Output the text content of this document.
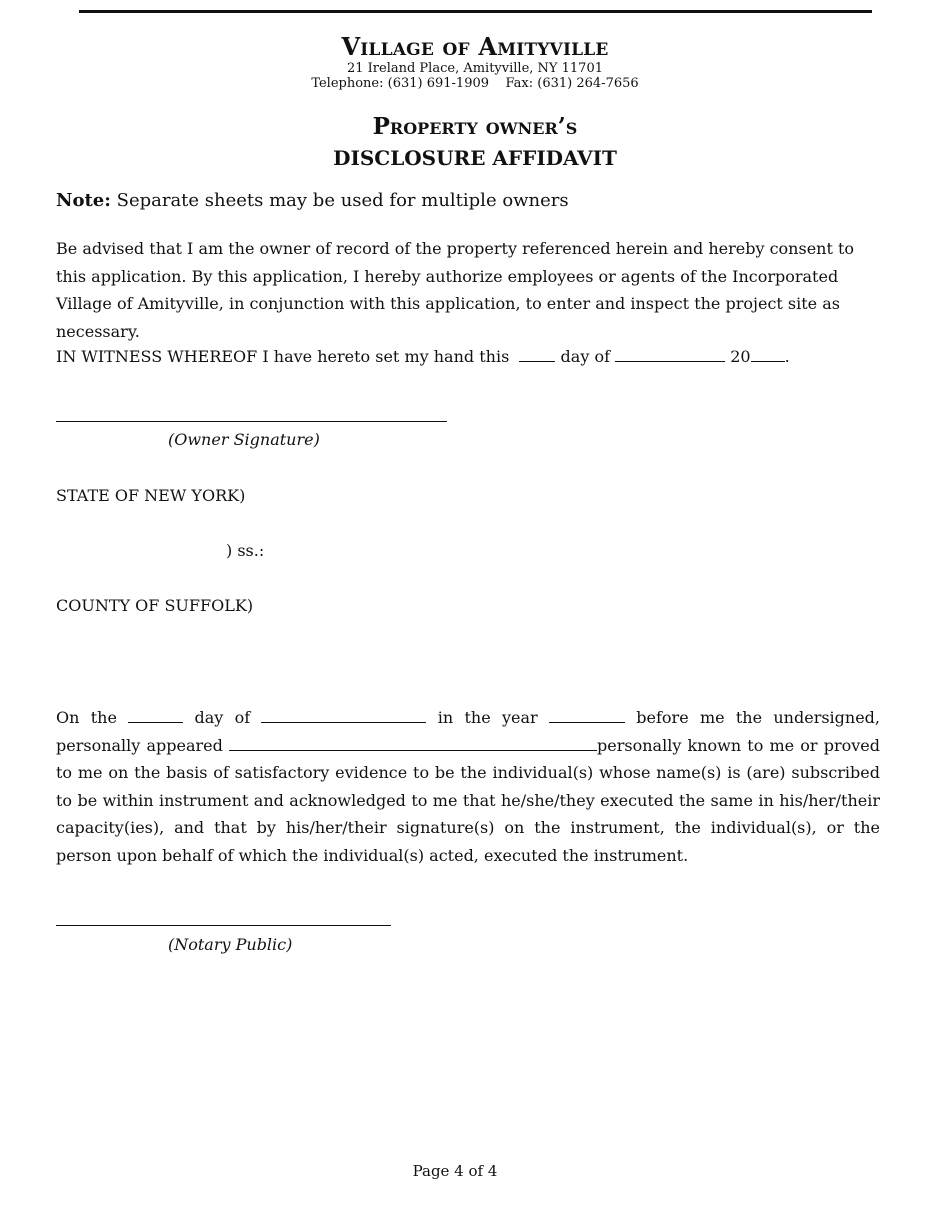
Village of Amityville
21 Ireland Place, Amityville, NY 11701
Telephone: (631) 691-1909 Fax: (631) 264-7656
Property owner’s
DISCLOSURE AFFIDAVIT
Note: Separate sheets may be used for multiple owners
Be advised that I am the owner of record of the property referenced herein and hereby consent to this application. By this application, I hereby authorize employees or agents of the Incorporated Village of Amityville, in conjunction with this application, to enter and inspect the project site as necessary.
IN WITNESS WHEREOF I have hereto set my hand this	day of	20 .
(Owner Signature)
STATE OF NEW YORK)
) ss.:
COUNTY OF SUFFOLK)
On the	day of	in the year	before me the undersigned, personally appeared	personally known to me or proved to me on the basis of satisfactory evidence to be the individual(s) whose name(s) is (are) subscribed to be within instrument and acknowledged to me that he/she/they executed the same in his/her/their capacity(ies), and that by his/her/their signature(s) on the instrument, the individual(s), or the person upon behalf of which the individual(s) acted, executed the instrument.
(Notary Public)
Page 4 of 4
